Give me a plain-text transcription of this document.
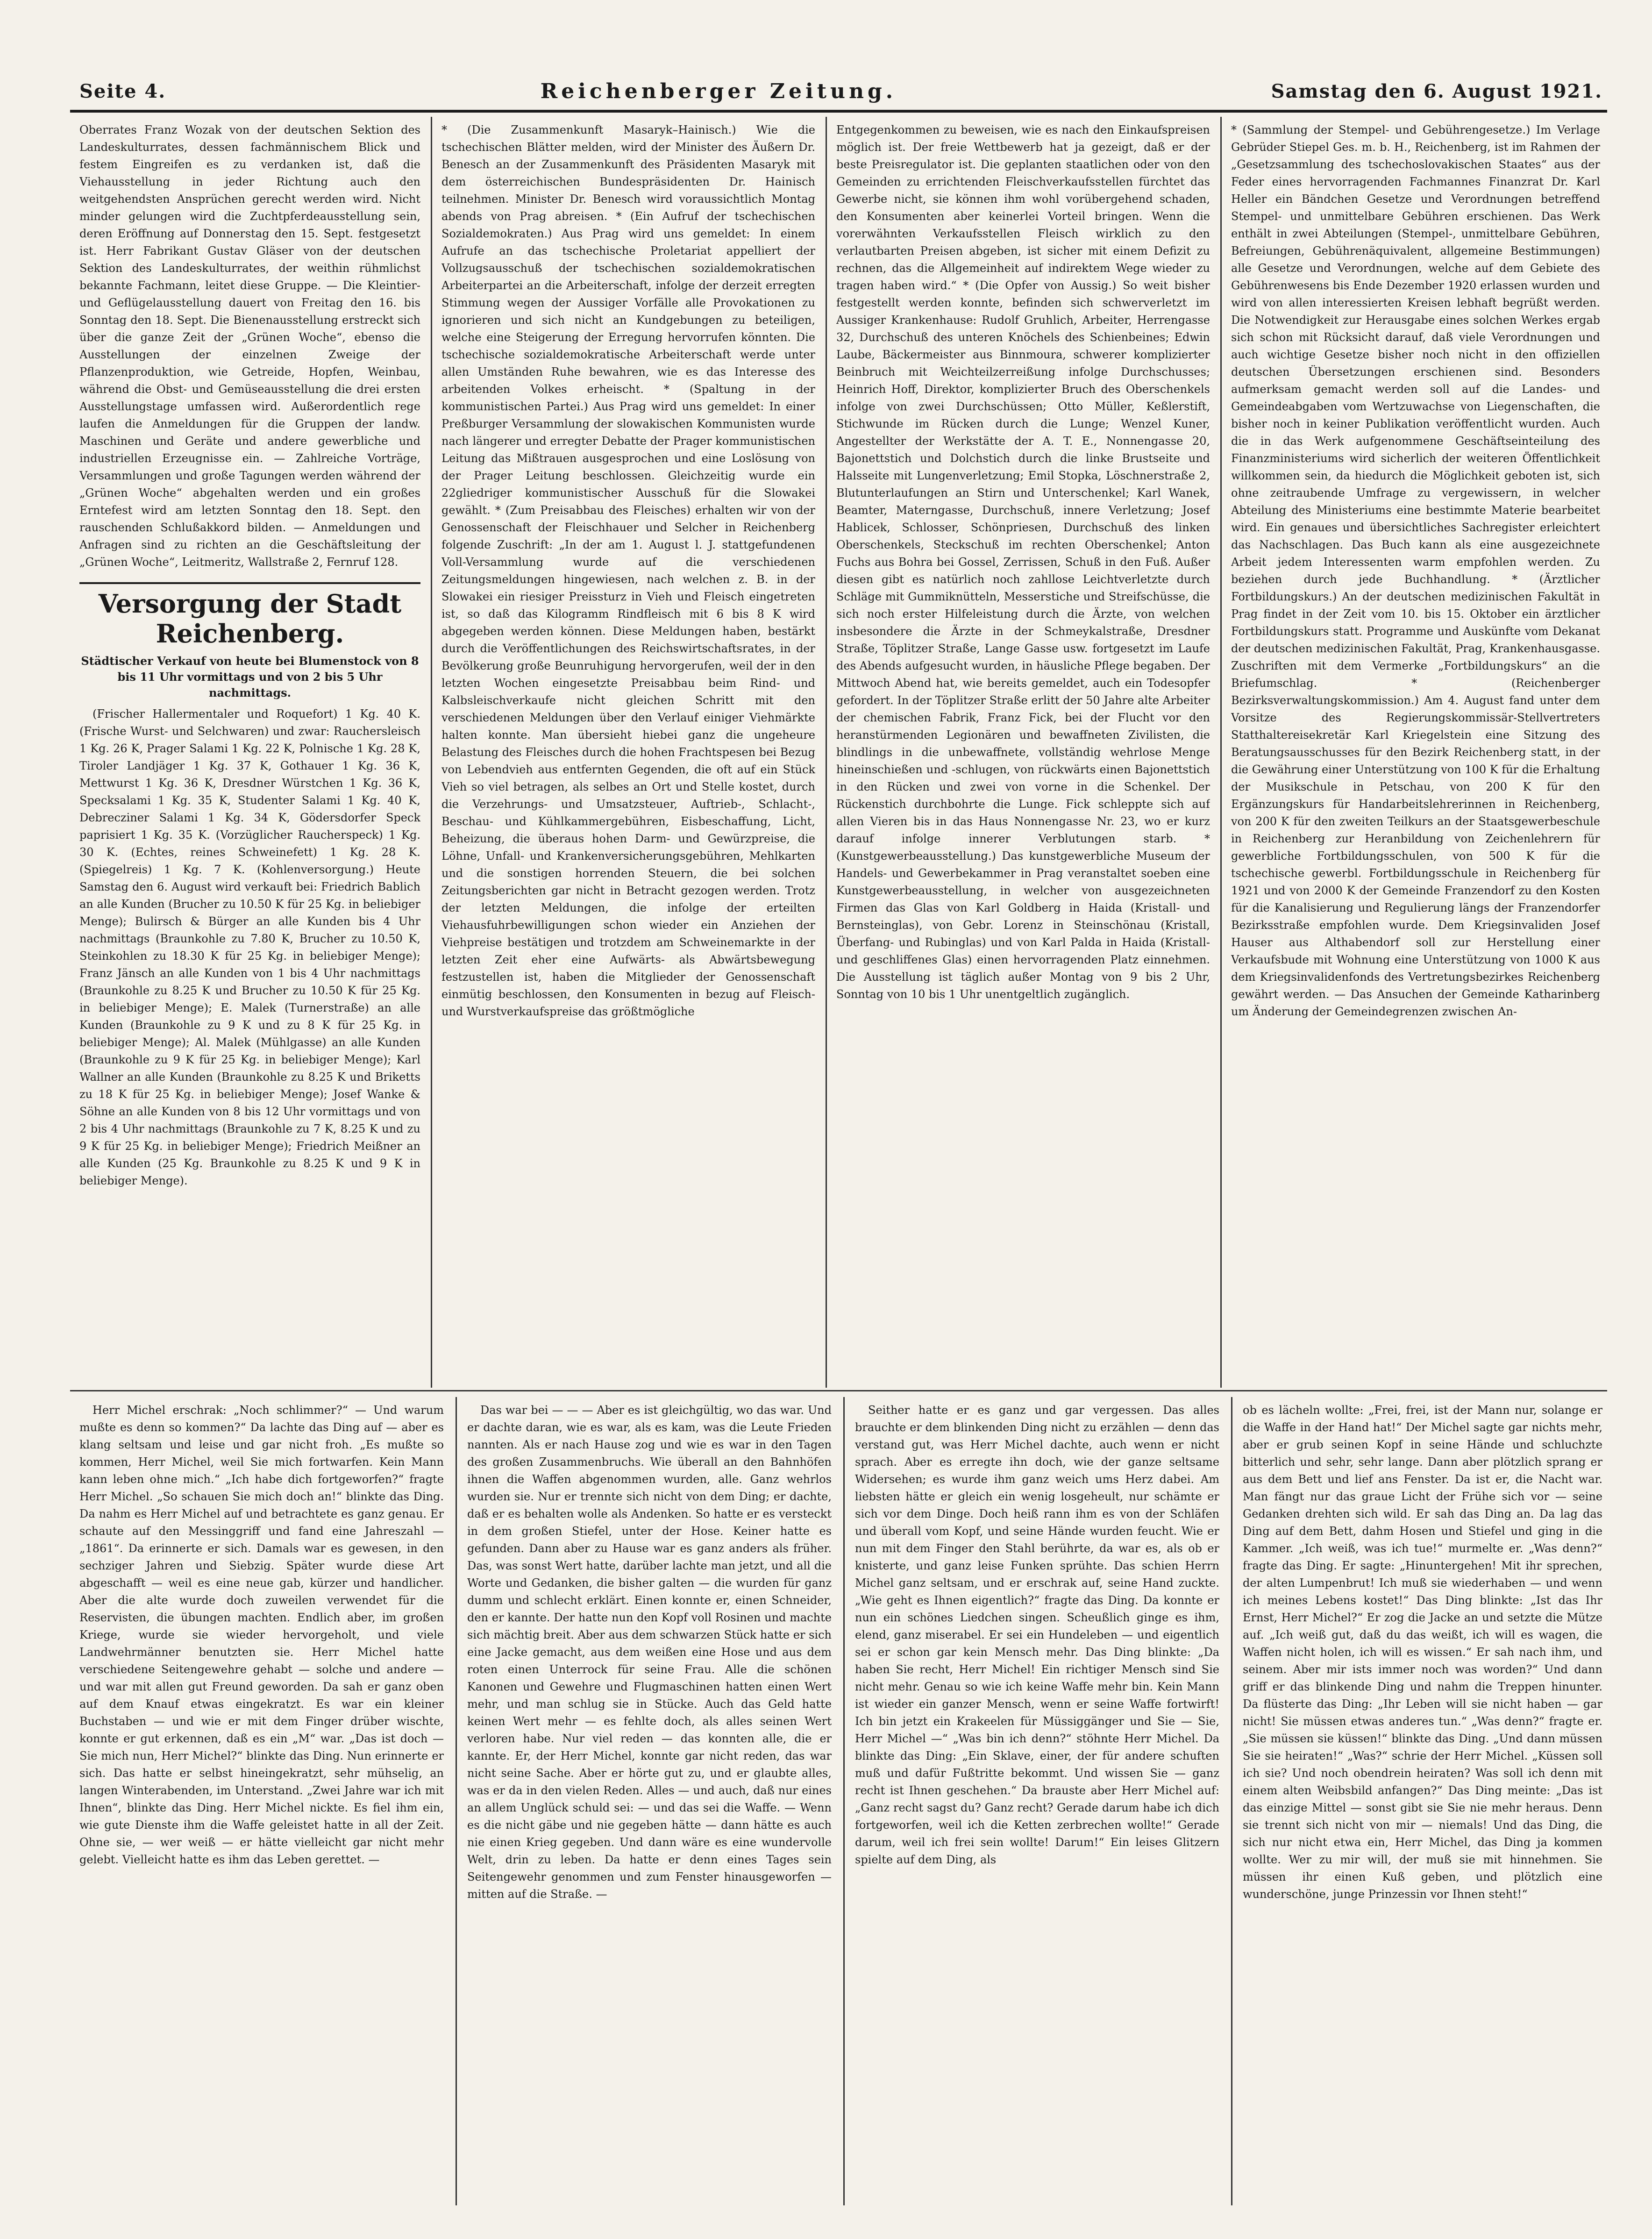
Seite 4.	Reichenberger Zeitung.	Samstag den 6. August 1921.

Oberrates Franz Wozak von der deutschen Sektion des Landeskulturrates, dessen fachmännischem Blick und festem Eingreifen es zu verdanken ist, daß die Viehausstellung in jeder Richtung auch den weitgehendsten Ansprüchen gerecht werden wird. Nicht minder gelungen wird die Zuchtpferdeausstellung sein, deren Eröffnung auf Donnerstag den 15. Sept. festgesetzt ist. Herr Fabrikant Gustav Gläser von der deutschen Sektion des Landeskulturrates, der weithin rühmlichst bekannte Fachmann, leitet diese Gruppe. — Die Kleintier- und Geflügelausstellung dauert von Freitag den 16. bis Sonntag den 18. Sept. Die Bienenausstellung erstreckt sich über die ganze Zeit der „Grünen Woche“, ebenso die Ausstellungen der einzelnen Zweige der Pflanzenproduktion, wie Getreide, Hopfen, Weinbau, während die Obst- und Gemüseausstellung die drei ersten Ausstellungstage umfassen wird. Außerordentlich rege laufen die Anmeldungen für die Gruppen der landw. Maschinen und Geräte und andere gewerbliche und industriellen Erzeugnisse ein. — Zahlreiche Vorträge, Versammlungen und große Tagungen werden während der „Grünen Woche“ abgehalten werden und ein großes Erntefest wird am letzten Sonntag den 18. Sept. den rauschenden Schlußakkord bilden. — Anmeldungen und Anfragen sind zu richten an die Geschäftsleitung der „Grünen Woche“, Leitmeritz, Wallstraße 2, Fernruf 128.

Versorgung der Stadt Reichenberg.
Städtischer Verkauf von heute bei Blumenstock von 8 bis 11 Uhr vormittags und von 2 bis 5 Uhr nachmittags.

(Frischer Hallermentaler und Roquefort) 1 Kg. 40 K. (Frische Wurst- und Selchwaren) und zwar: Rauchersleisch 1 Kg. 26 K, Prager Salami 1 Kg. 22 K, Polnische 1 Kg. 28 K, Tiroler Landjäger 1 Kg. 37 K, Gothauer 1 Kg. 36 K, Mettwurst 1 Kg. 36 K, Dresdner Würstchen 1 Kg. 36 K, Specksalami 1 Kg. 35 K, Studenter Salami 1 Kg. 40 K, Debrecziner Salami 1 Kg. 34 K, Gödersdorfer Speck paprisiert 1 Kg. 35 K. (Vorzüglicher Raucherspeck) 1 Kg. 30 K. (Echtes, reines Schweinefett) 1 Kg. 28 K. (Spiegelreis) 1 Kg. 7 K. (Kohlenversorgung.) Heute Samstag den 6. August wird verkauft bei: Friedrich Bablich an alle Kunden (Brucher zu 10.50 K für 25 Kg. in beliebiger Menge); Bulirsch & Bürger an alle Kunden bis 4 Uhr nachmittags (Braunkohle zu 7.80 K, Brucher zu 10.50 K, Steinkohlen zu 18.30 K für 25 Kg. in beliebiger Menge); Franz Jänsch an alle Kunden von 1 bis 4 Uhr nachmittags (Braunkohle zu 8.25 K und Brucher zu 10.50 K für 25 Kg. in beliebiger Menge); E. Malek (Turnerstraße) an alle Kunden (Braunkohle zu 9 K und zu 8 K für 25 Kg. in beliebiger Menge); Al. Malek (Mühlgasse) an alle Kunden (Braunkohle zu 9 K für 25 Kg. in beliebiger Menge); Karl Wallner an alle Kunden (Braunkohle zu 8.25 K und Briketts zu 18 K für 25 Kg. in beliebiger Menge); Josef Wanke & Söhne an alle Kunden von 8 bis 12 Uhr vormittags und von 2 bis 4 Uhr nachmittags (Braunkohle zu 7 K, 8.25 K und zu 9 K für 25 Kg. in beliebiger Menge); Friedrich Meißner an alle Kunden (25 Kg. Braunkohle zu 8.25 K und 9 K in beliebiger Menge).

* (Die Zusammenkunft Masaryk–Hainisch.) Wie die tschechischen Blätter melden, wird der Minister des Äußern Dr. Benesch an der Zusammenkunft des Präsidenten Masaryk mit dem österreichischen Bundespräsidenten Dr. Hainisch teilnehmen. Minister Dr. Benesch wird voraussichtlich Montag abends von Prag abreisen. * (Ein Aufruf der tschechischen Sozialdemokraten.) Aus Prag wird uns gemeldet: In einem Aufrufe an das tschechische Proletariat appelliert der Vollzugsausschuß der tschechischen sozialdemokratischen Arbeiterpartei an die Arbeiterschaft, infolge der derzeit erregten Stimmung wegen der Aussiger Vorfälle alle Provokationen zu ignorieren und sich nicht an Kundgebungen zu beteiligen, welche eine Steigerung der Erregung hervorrufen könnten. Die tschechische sozialdemokratische Arbeiterschaft werde unter allen Umständen Ruhe bewahren, wie es das Interesse des arbeitenden Volkes erheischt. * (Spaltung in der kommunistischen Partei.) Aus Prag wird uns gemeldet: In einer Preßburger Versammlung der slowakischen Kommunisten wurde nach längerer und erregter Debatte der Prager kommunistischen Leitung das Mißtrauen ausgesprochen und eine Loslösung von der Prager Leitung beschlossen. Gleichzeitig wurde ein 22gliedriger kommunistischer Ausschuß für die Slowakei gewählt. * (Zum Preisabbau des Fleisches) erhalten wir von der Genossenschaft der Fleischhauer und Selcher in Reichenberg folgende Zuschrift: „In der am 1. August l. J. stattgefundenen Voll-Versammlung wurde auf die verschiedenen Zeitungsmeldungen hingewiesen, nach welchen z. B. in der Slowakei ein riesiger Preissturz in Vieh und Fleisch eingetreten ist, so daß das Kilogramm Rindfleisch mit 6 bis 8 K wird abgegeben werden können. Diese Meldungen haben, bestärkt durch die Veröffentlichungen des Reichswirtschaftsrates, in der Bevölkerung große Beunruhigung hervorgerufen, weil der in den letzten Wochen eingesetzte Preisabbau beim Rind- und Kalbsleischverkaufe nicht gleichen Schritt mit den verschiedenen Meldungen über den Verlauf einiger Viehmärkte halten konnte. Man übersieht hiebei ganz die ungeheure Belastung des Fleisches durch die hohen Frachtspesen bei Bezug von Lebendvieh aus entfernten Gegenden, die oft auf ein Stück Vieh so viel betragen, als selbes an Ort und Stelle kostet, durch die Verzehrungs- und Umsatzsteuer, Auftrieb-, Schlacht-, Beschau- und Kühlkammergebühren, Eisbeschaffung, Licht, Beheizung, die überaus hohen Darm- und Gewürzpreise, die Löhne, Unfall- und Krankenversicherungsgebühren, Mehlkarten und die sonstigen horrenden Steuern, die bei solchen Zeitungsberichten gar nicht in Betracht gezogen werden. Trotz der letzten Meldungen, die infolge der erteilten Viehausfuhrbewilligungen schon wieder ein Anziehen der Viehpreise bestätigen und trotzdem am Schweinemarkte in der letzten Zeit eher eine Aufwärts- als Abwärtsbewegung festzustellen ist, haben die Mitglieder der Genossenschaft einmütig beschlossen, den Konsumenten in bezug auf Fleisch- und Wurstverkaufspreise das größtmögliche

Entgegenkommen zu beweisen, wie es nach den Einkaufspreisen möglich ist. Der freie Wettbewerb hat ja gezeigt, daß er der beste Preisregulator ist. Die geplanten staatlichen oder von den Gemeinden zu errichtenden Fleischverkaufsstellen fürchtet das Gewerbe nicht, sie können ihm wohl vorübergehend schaden, den Konsumenten aber keinerlei Vorteil bringen. Wenn die vorerwähnten Verkaufsstellen Fleisch wirklich zu den verlautbarten Preisen abgeben, ist sicher mit einem Defizit zu rechnen, das die Allgemeinheit auf indirektem Wege wieder zu tragen haben wird.“ * (Die Opfer von Aussig.) So weit bisher festgestellt werden konnte, befinden sich schwerverletzt im Aussiger Krankenhause: Rudolf Gruhlich, Arbeiter, Herrengasse 32, Durchschuß des unteren Knöchels des Schienbeines; Edwin Laube, Bäckermeister aus Binnmoura, schwerer komplizierter Beinbruch mit Weichteilzerreißung infolge Durchschusses; Heinrich Hoff, Direktor, komplizierter Bruch des Oberschenkels infolge von zwei Durchschüssen; Otto Müller, Keßlerstift, Stichwunde im Rücken durch die Lunge; Wenzel Kuner, Angestellter der Werkstätte der A. T. E., Nonnengasse 20, Bajonettstich und Dolchstich durch die linke Brustseite und Halsseite mit Lungenverletzung; Emil Stopka, Löschnerstraße 2, Blutunterlaufungen an Stirn und Unterschenkel; Karl Wanek, Beamter, Materngasse, Durchschuß, innere Verletzung; Josef Hablicek, Schlosser, Schönpriesen, Durchschuß des linken Oberschenkels, Steckschuß im rechten Oberschenkel; Anton Fuchs aus Bohra bei Gossel, Zerrissen, Schuß in den Fuß. Außer diesen gibt es natürlich noch zahllose Leichtverletzte durch Schläge mit Gummiknütteln, Messerstiche und Streifschüsse, die sich noch erster Hilfeleistung durch die Ärzte, von welchen insbesondere die Ärzte in der Schmeykalstraße, Dresdner Straße, Töplitzer Straße, Lange Gasse usw. fortgesetzt im Laufe des Abends aufgesucht wurden, in häusliche Pflege begaben. Der Mittwoch Abend hat, wie bereits gemeldet, auch ein Todesopfer gefordert. In der Töplitzer Straße erlitt der 50 Jahre alte Arbeiter der chemischen Fabrik, Franz Fick, bei der Flucht vor den heranstürmenden Legionären und bewaffneten Zivilisten, die blindlings in die unbewaffnete, vollständig wehrlose Menge hineinschießen und -schlugen, von rückwärts einen Bajonettstich in den Rücken und zwei von vorne in die Schenkel. Der Rückenstich durchbohrte die Lunge. Fick schleppte sich auf allen Vieren bis in das Haus Nonnengasse Nr. 23, wo er kurz darauf infolge innerer Verblutungen starb. * (Kunstgewerbeausstellung.) Das kunstgewerbliche Museum der Handels- und Gewerbekammer in Prag veranstaltet soeben eine Kunstgewerbeausstellung, in welcher von ausgezeichneten Firmen das Glas von Karl Goldberg in Haida (Kristall- und Bernsteinglas), von Gebr. Lorenz in Steinschönau (Kristall, Überfang- und Rubinglas) und von Karl Palda in Haida (Kristall- und geschliffenes Glas) einen hervorragenden Platz einnehmen. Die Ausstellung ist täglich außer Montag von 9 bis 2 Uhr, Sonntag von 10 bis 1 Uhr unentgeltlich zugänglich.

* (Sammlung der Stempel- und Gebührengesetze.) Im Verlage Gebrüder Stiepel Ges. m. b. H., Reichenberg, ist im Rahmen der „Gesetzsammlung des tschechoslovakischen Staates“ aus der Feder eines hervorragenden Fachmannes Finanzrat Dr. Karl Heller ein Bändchen Gesetze und Verordnungen betreffend Stempel- und unmittelbare Gebühren erschienen. Das Werk enthält in zwei Abteilungen (Stempel-, unmittelbare Gebühren, Befreiungen, Gebührenäquivalent, allgemeine Bestimmungen) alle Gesetze und Verordnungen, welche auf dem Gebiete des Gebührenwesens bis Ende Dezember 1920 erlassen wurden und wird von allen interessierten Kreisen lebhaft begrüßt werden. Die Notwendigkeit zur Herausgabe eines solchen Werkes ergab sich schon mit Rücksicht darauf, daß viele Verordnungen und auch wichtige Gesetze bisher noch nicht in den offiziellen deutschen Übersetzungen erschienen sind. Besonders aufmerksam gemacht werden soll auf die Landes- und Gemeindeabgaben vom Wertzuwachse von Liegenschaften, die bisher noch in keiner Publikation veröffentlicht wurden. Auch die in das Werk aufgenommene Geschäftseinteilung des Finanzministeriums wird sicherlich der weiteren Öffentlichkeit willkommen sein, da hiedurch die Möglichkeit geboten ist, sich ohne zeitraubende Umfrage zu vergewissern, in welcher Abteilung des Ministeriums eine bestimmte Materie bearbeitet wird. Ein genaues und übersichtliches Sachregister erleichtert das Nachschlagen. Das Buch kann als eine ausgezeichnete Arbeit jedem Interessenten warm empfohlen werden. Zu beziehen durch jede Buchhandlung. * (Ärztlicher Fortbildungskurs.) An der deutschen medizinischen Fakultät in Prag findet in der Zeit vom 10. bis 15. Oktober ein ärztlicher Fortbildungskurs statt. Programme und Auskünfte vom Dekanat der deutschen medizinischen Fakultät, Prag, Krankenhausgasse. Zuschriften mit dem Vermerke „Fortbildungskurs“ an die Briefumschlag. * (Reichenberger Bezirksverwaltungskommission.) Am 4. August fand unter dem Vorsitze des Regierungskommissär-Stellvertreters Statthaltereisekretär Karl Kriegelstein eine Sitzung des Beratungsausschusses für den Bezirk Reichenberg statt, in der die Gewährung einer Unterstützung von 100 K für die Erhaltung der Musikschule in Petschau, von 200 K für den Ergänzungskurs für Handarbeitslehrerinnen in Reichenberg, von 200 K für den zweiten Teilkurs an der Staatsgewerbeschule in Reichenberg zur Heranbildung von Zeichenlehrern für gewerbliche Fortbildungsschulen, von 500 K für die tschechische gewerbl. Fortbildungsschule in Reichenberg für 1921 und von 2000 K der Gemeinde Franzendorf zu den Kosten für die Kanalisierung und Regulierung längs der Franzendorfer Bezirksstraße empfohlen wurde. Dem Kriegsinvaliden Josef Hauser aus Althabendorf soll zur Herstellung einer Verkaufsbude mit Wohnung eine Unterstützung von 1000 K aus dem Kriegsinvalidenfonds des Vertretungsbezirkes Reichenberg gewährt werden. — Das Ansuchen der Gemeinde Katharinberg um Änderung der Gemeindegrenzen zwischen An-

Herr Michel erschrak: „Noch schlimmer?“ — Und warum mußte es denn so kommen?“ Da lachte das Ding auf — aber es klang seltsam und leise und gar nicht froh. „Es mußte so kommen, Herr Michel, weil Sie mich fortwarfen. Kein Mann kann leben ohne mich.“ „Ich habe dich fortgeworfen?“ fragte Herr Michel. „So schauen Sie mich doch an!“ blinkte das Ding. Da nahm es Herr Michel auf und betrachtete es ganz genau. Er schaute auf den Messinggriff und fand eine Jahreszahl — „1861“. Da erinnerte er sich. Damals war es gewesen, in den sechziger Jahren und Siebzig. Später wurde diese Art abgeschafft — weil es eine neue gab, kürzer und handlicher. Aber die alte wurde doch zuweilen verwendet für die Reservisten, die übungen machten. Endlich aber, im großen Kriege, wurde sie wieder hervorgeholt, und viele Landwehrmänner benutzten sie. Herr Michel hatte verschiedene Seitengewehre gehabt — solche und andere — und war mit allen gut Freund geworden. Da sah er ganz oben auf dem Knauf etwas eingekratzt. Es war ein kleiner Buchstaben — und wie er mit dem Finger drüber wischte, konnte er gut erkennen, daß es ein „M“ war. „Das ist doch — Sie mich nun, Herr Michel?“ blinkte das Ding. Nun erinnerte er sich. Das hatte er selbst hineingekratzt, sehr mühselig, an langen Winterabenden, im Unterstand. „Zwei Jahre war ich mit Ihnen“, blinkte das Ding. Herr Michel nickte. Es fiel ihm ein, wie gute Dienste ihm die Waffe geleistet hatte in all der Zeit. Ohne sie, — wer weiß — er hätte vielleicht gar nicht mehr gelebt. Vielleicht hatte es ihm das Leben gerettet. —

Das war bei — — — Aber es ist gleichgültig, wo das war. Und er dachte daran, wie es war, als es kam, was die Leute Frieden nannten. Als er nach Hause zog und wie es war in den Tagen des großen Zusammenbruchs. Wie überall an den Bahnhöfen ihnen die Waffen abgenommen wurden, alle. Ganz wehrlos wurden sie. Nur er trennte sich nicht von dem Ding; er dachte, daß er es behalten wolle als Andenken. So hatte er es versteckt in dem großen Stiefel, unter der Hose. Keiner hatte es gefunden. Dann aber zu Hause war es ganz anders als früher. Das, was sonst Wert hatte, darüber lachte man jetzt, und all die Worte und Gedanken, die bisher galten — die wurden für ganz dumm und schlecht erklärt. Einen konnte er, einen Schneider, den er kannte. Der hatte nun den Kopf voll Rosinen und machte sich mächtig breit. Aber aus dem schwarzen Stück hatte er sich eine Jacke gemacht, aus dem weißen eine Hose und aus dem roten einen Unterrock für seine Frau. Alle die schönen Kanonen und Gewehre und Flugmaschinen hatten einen Wert mehr, und man schlug sie in Stücke. Auch das Geld hatte keinen Wert mehr — es fehlte doch, als alles seinen Wert verloren habe. Nur viel reden — das konnten alle, die er kannte. Er, der Herr Michel, konnte gar nicht reden, das war nicht seine Sache. Aber er hörte gut zu, und er glaubte alles, was er da in den vielen Reden. Alles — und auch, daß nur eines an allem Unglück schuld sei: — und das sei die Waffe. — Wenn es die nicht gäbe und nie gegeben hätte — dann hätte es auch nie einen Krieg gegeben. Und dann wäre es eine wundervolle Welt, drin zu leben. Da hatte er denn eines Tages sein Seitengewehr genommen und zum Fenster hinausgeworfen — mitten auf die Straße. —

Seither hatte er es ganz und gar vergessen. Das alles brauchte er dem blinkenden Ding nicht zu erzählen — denn das verstand gut, was Herr Michel dachte, auch wenn er nicht sprach. Aber es erregte ihn doch, wie der ganze seltsame Widersehen; es wurde ihm ganz weich ums Herz dabei. Am liebsten hätte er gleich ein wenig losgeheult, nur schämte er sich vor dem Dinge. Doch heiß rann ihm es von der Schläfen und überall vom Kopf, und seine Hände wurden feucht. Wie er nun mit dem Finger den Stahl berührte, da war es, als ob er knisterte, und ganz leise Funken sprühte. Das schien Herrn Michel ganz seltsam, und er erschrak auf, seine Hand zuckte. „Wie geht es Ihnen eigentlich?“ fragte das Ding. Da konnte er nun ein schönes Liedchen singen. Scheußlich ginge es ihm, elend, ganz miserabel. Er sei ein Hundeleben — und eigentlich sei er schon gar kein Mensch mehr. Das Ding blinkte: „Da haben Sie recht, Herr Michel! Ein richtiger Mensch sind Sie nicht mehr. Genau so wie ich keine Waffe mehr bin. Kein Mann ist wieder ein ganzer Mensch, wenn er seine Waffe fortwirft! Ich bin jetzt ein Krakeelen für Müssiggänger und Sie — Sie, Herr Michel —“ „Was bin ich denn?“ stöhnte Herr Michel. Da blinkte das Ding: „Ein Sklave, einer, der für andere schuften muß und dafür Fußtritte bekommt. Und wissen Sie — ganz recht ist Ihnen geschehen.“ Da brauste aber Herr Michel auf: „Ganz recht sagst du? Ganz recht? Gerade darum habe ich dich fortgeworfen, weil ich die Ketten zerbrechen wollte!“ Gerade darum, weil ich frei sein wollte! Darum!“ Ein leises Glitzern spielte auf dem Ding, als

ob es lächeln wollte: „Frei, frei, ist der Mann nur, solange er die Waffe in der Hand hat!“ Der Michel sagte gar nichts mehr, aber er grub seinen Kopf in seine Hände und schluchzte bitterlich und sehr, sehr lange. Dann aber plötzlich sprang er aus dem Bett und lief ans Fenster. Da ist er, die Nacht war. Man fängt nur das graue Licht der Frühe sich vor — seine Gedanken drehten sich wild. Er sah das Ding an. Da lag das Ding auf dem Bett, dahm Hosen und Stiefel und ging in die Kammer. „Ich weiß, was ich tue!“ murmelte er. „Was denn?“ fragte das Ding. Er sagte: „Hinuntergehen! Mit ihr sprechen, der alten Lumpenbrut! Ich muß sie wiederhaben — und wenn ich meines Lebens kostet!“ Das Ding blinkte: „Ist das Ihr Ernst, Herr Michel?“ Er zog die Jacke an und setzte die Mütze auf. „Ich weiß gut, daß du das weißt, ich will es wagen, die Waffen nicht holen, ich will es wissen.“ Er sah nach ihm, und seinem. Aber mir ists immer noch was worden?“ Und dann griff er das blinkende Ding und nahm die Treppen hinunter. Da flüsterte das Ding: „Ihr Leben will sie nicht haben — gar nicht! Sie müssen etwas anderes tun.“ „Was denn?“ fragte er. „Sie müssen sie küssen!“ blinkte das Ding. „Und dann müssen Sie sie heiraten!“ „Was?“ schrie der Herr Michel. „Küssen soll ich sie? Und noch obendrein heiraten? Was soll ich denn mit einem alten Weibsbild anfangen?“ Das Ding meinte: „Das ist das einzige Mittel — sonst gibt sie Sie nie mehr heraus. Denn sie trennt sich nicht von mir — niemals! Und das Ding, die sich nur nicht etwa ein, Herr Michel, das Ding ja kommen wollte. Wer zu mir will, der muß sie mit hinnehmen. Sie müssen ihr einen Kuß geben, und plötzlich eine wunderschöne, junge Prinzessin vor Ihnen steht!“
